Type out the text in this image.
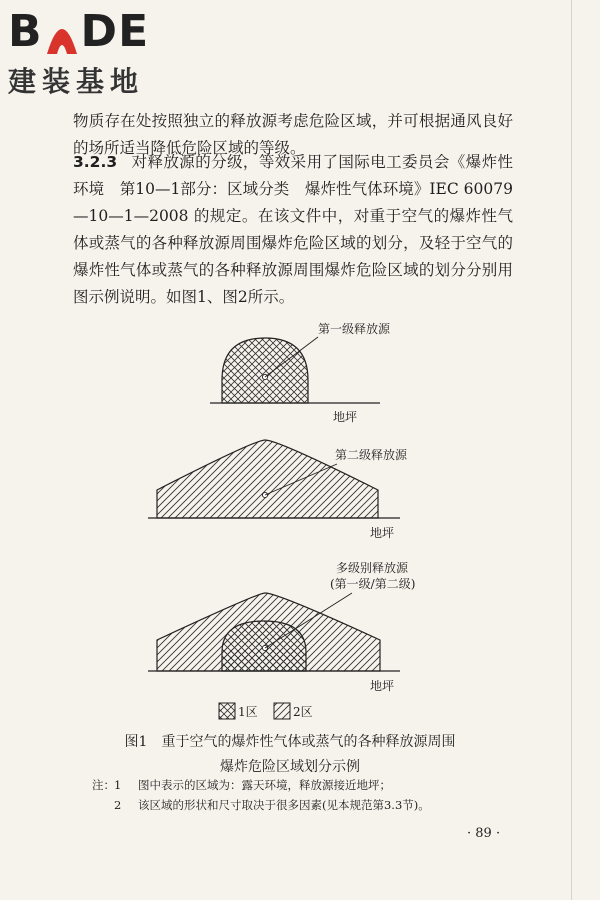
B D E
建装基地
物质存在处按照独立的释放源考虑危险区域，并可根据通风良好的场所适当降低危险区域的等级。
3.2.3 对释放源的分级，等效采用了国际电工委员会《爆炸性环境　第10—1部分：区域分类　爆炸性气体环境》IEC 60079—10—1—2008 的规定。在该文件中，对重于空气的爆炸性气体或蒸气的各种释放源周围爆炸危险区域的划分，及轻于空气的爆炸性气体或蒸气的各种释放源周围爆炸危险区域的划分分别用图示例说明。如图1、图2所示。
第一级释放源
地坪
第二级释放源
地坪
多级别释放源
(第一级/第二级)
地坪
1区	2区
图1　重于空气的爆炸性气体或蒸气的各种释放源周围
爆炸危险区域划分示例
注： 1	图中表示的区域为：露天环境，释放源接近地坪；
2	该区域的形状和尺寸取决于很多因素(见本规范第3.3节)。
· 89 ·
